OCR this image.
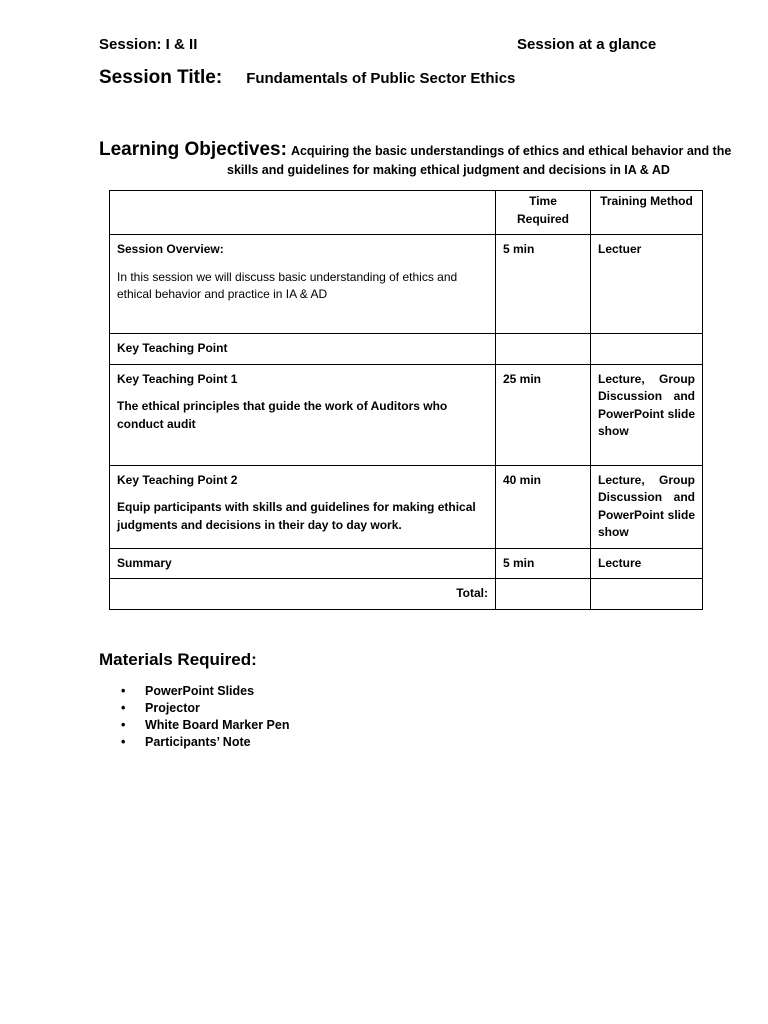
Session: I & II	Session at a glance
Session Title: Fundamentals of Public Sector Ethics
Learning Objectives: Acquiring the basic understandings of ethics and ethical behavior and the
skills and guidelines for making ethical judgment and decisions in IA & AD
	Time Required	Training Method

Session Overview:
In this session we will discuss basic understanding of ethics and ethical behavior and practice in IA & AD	5 min	Lectuer

Key Teaching Point		

Key Teaching Point 1
The ethical principles that guide the work of Auditors who conduct audit	25 min	Lecture, Group Discussion and PowerPoint slide show

Key Teaching Point 2
Equip participants with skills and guidelines for making ethical judgments and decisions in their day to day work.	40 min	Lecture, Group Discussion and PowerPoint slide show

Summary	5 min	Lecture
Total:		
Materials Required:
• PowerPoint Slides
• Projector
• White Board Marker Pen
• Participants’ Note
